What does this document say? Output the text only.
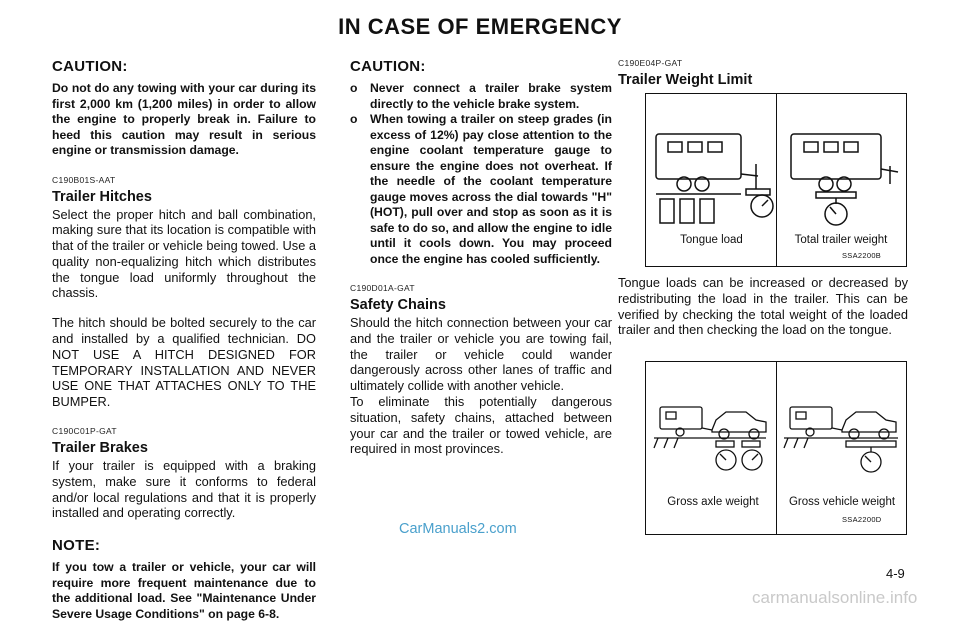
IN CASE OF EMERGENCY
CAUTION:

Do not do any towing with your car during its first 2,000 km (1,200 miles) in order to allow the engine to properly break in. Failure to heed this caution may result in serious engine or transmission damage.

C190B01S-AAT
Trailer Hitches

Select the proper hitch and ball combination, making sure that its location is compatible with that of the trailer or vehicle being towed. Use a quality non-equalizing hitch which distributes the tongue load uniformly throughout the chassis.

The hitch should be bolted securely to the car and installed by a qualified technician. DO NOT USE A HITCH DESIGNED FOR TEMPORARY INSTALLATION AND NEVER USE ONE THAT ATTACHES ONLY TO THE BUMPER.

C190C01P-GAT
Trailer Brakes

If your trailer is equipped with a braking system, make sure it conforms to federal and/or local regulations and that it is properly installed and operating correctly.

NOTE:

If you tow a trailer or vehicle, your car will require more frequent maintenance due to the additional load. See "Maintenance Under Severe Usage Conditions" on page 6-8.

CAUTION:
o Never connect a trailer brake system directly to the vehicle brake system.
o When towing a trailer on steep grades (in excess of 12%) pay close attention to the engine coolant temperature gauge to ensure the engine does not overheat. If the needle of the coolant temperature gauge moves across the dial towards "H" (HOT), pull over and stop as soon as it is safe to do so, and allow the engine to idle until it cools down. You may proceed once the engine has cooled sufficiently.
C190D01A-GAT
Safety Chains

Should the hitch connection between your car and the trailer or vehicle you are towing fail, the trailer or vehicle could wander dangerously across other lanes of traffic and ultimately collide with another vehicle.

To eliminate this potentially dangerous situation, safety chains, attached between your car and the trailer or towed vehicle, are required in most provinces.

C190E04P-GAT
Trailer Weight Limit
Tongue load	Total trailer weight
SSA2200B
Tongue loads can be increased or decreased by redistributing the load in the trailer. This can be verified by checking the total weight of the loaded trailer and then checking the load on the tongue.
Gross axle weight	Gross vehicle weight
SSA2200D
CarManuals2.com
4-9
carmanualsonline.info
